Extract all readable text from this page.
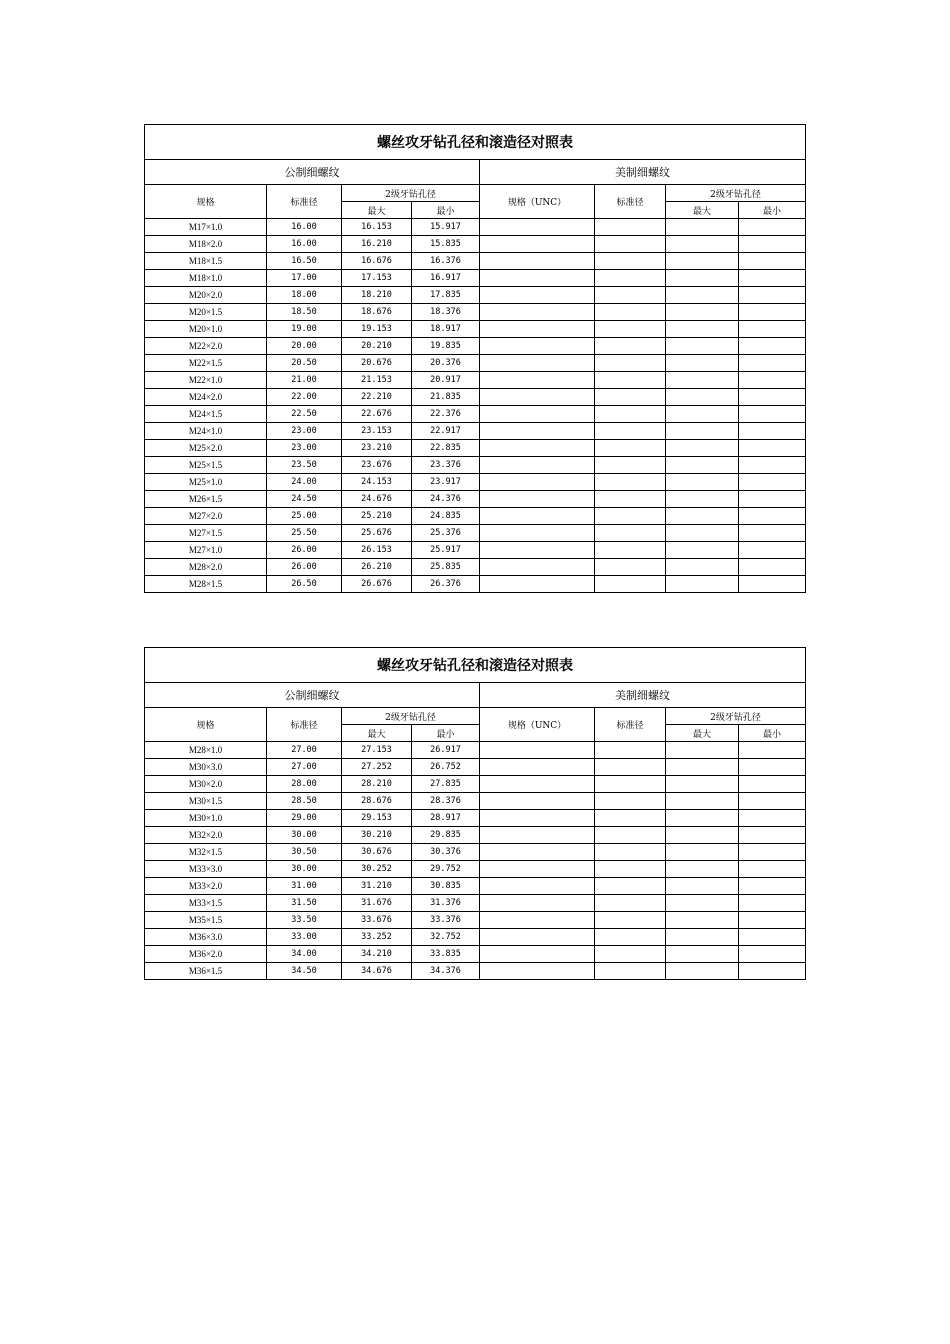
螺丝攻牙钻孔径和滚造径对照表							
公制细螺纹				美制细螺纹			
规格	标准径	2级牙钻孔径		规格（UNC）	标准径	2级牙钻孔径	
		最大	最小			最大	最小
M17×1.0	16.00	16.153	15.917				
M18×2.0	16.00	16.210	15.835				
M18×1.5	16.50	16.676	16.376				
M18×1.0	17.00	17.153	16.917				
M20×2.0	18.00	18.210	17.835				
M20×1.5	18.50	18.676	18.376				
M20×1.0	19.00	19.153	18.917				
M22×2.0	20.00	20.210	19.835				
M22×1.5	20.50	20.676	20.376				
M22×1.0	21.00	21.153	20.917				
M24×2.0	22.00	22.210	21.835				
M24×1.5	22.50	22.676	22.376				
M24×1.0	23.00	23.153	22.917				
M25×2.0	23.00	23.210	22.835				
M25×1.5	23.50	23.676	23.376				
M25×1.0	24.00	24.153	23.917				
M26×1.5	24.50	24.676	24.376				
M27×2.0	25.00	25.210	24.835				
M27×1.5	25.50	25.676	25.376				
M27×1.0	26.00	26.153	25.917				
M28×2.0	26.00	26.210	25.835				
M28×1.5	26.50	26.676	26.376				
螺丝攻牙钻孔径和滚造径对照表							
公制细螺纹				美制细螺纹			
规格	标准径	2级牙钻孔径		规格（UNC）	标准径	2级牙钻孔径	
		最大	最小			最大	最小
M28×1.0	27.00	27.153	26.917				
M30×3.0	27.00	27.252	26.752				
M30×2.0	28.00	28.210	27.835				
M30×1.5	28.50	28.676	28.376				
M30×1.0	29.00	29.153	28.917				
M32×2.0	30.00	30.210	29.835				
M32×1.5	30.50	30.676	30.376				
M33×3.0	30.00	30.252	29.752				
M33×2.0	31.00	31.210	30.835				
M33×1.5	31.50	31.676	31.376				
M35×1.5	33.50	33.676	33.376				
M36×3.0	33.00	33.252	32.752				
M36×2.0	34.00	34.210	33.835				
M36×1.5	34.50	34.676	34.376				
